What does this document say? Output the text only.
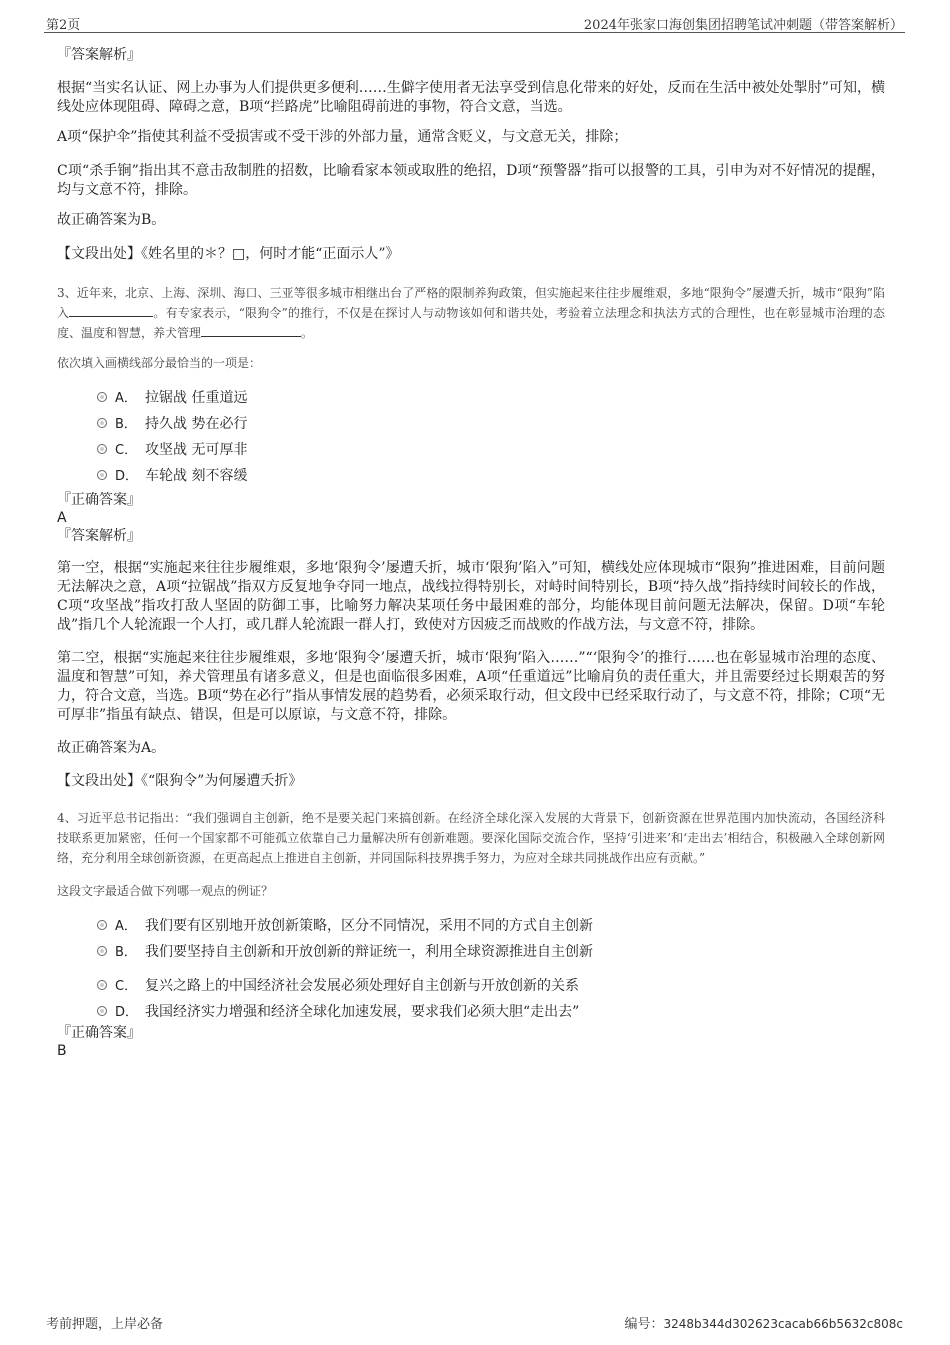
第2页	2024年张家口海创集团招聘笔试冲刺题（带答案解析）

『答案解析』

根据“当实名认证、网上办事为人们提供更多便利……生僻字使用者无法享受到信息化带来的好处，反而在生活中被处处掣肘”可知，横线处应体现阻碍、障碍之意，B项“拦路虎”比喻阻碍前进的事物，符合文意，当选。

A项“保护伞”指使其利益不受损害或不受干涉的外部力量，通常含贬义，与文意无关，排除；

C项“杀手锏”指出其不意击敌制胜的招数，比喻看家本领或取胜的绝招，D项“预警器”指可以报警的工具，引申为对不好情况的提醒，均与文意不符，排除。

故正确答案为B。

【文段出处】《姓名里的＊？□，何时才能“正面示人”》

3、近年来，北京、上海、深圳、海口、三亚等很多城市相继出台了严格的限制养狗政策，但实施起来往往步履维艰，多地“限狗令”屡遭夭折，城市“限狗”陷入	。有专家表示，“限狗令”的推行，不仅是在探讨人与动物该如何和谐共处，考验着立法理念和执法方式的合理性，也在彰显城市治理的态度、温度和智慧，养犬管理	。

依次填入画横线部分最恰当的一项是：

A． 拉锯战 任重道远
B． 持久战 势在必行
C． 攻坚战 无可厚非
D． 车轮战 刻不容缓

『正确答案』

A

『答案解析』

第一空，根据“实施起来往往步履维艰，多地‘限狗令’屡遭夭折，城市‘限狗’陷入”可知，横线处应体现城市“限狗”推进困难，目前问题无法解决之意，A项“拉锯战”指双方反复地争夺同一地点，战线拉得特别长，对峙时间特别长，B项“持久战”指持续时间较长的作战，C项“攻坚战”指攻打敌人坚固的防御工事，比喻努力解决某项任务中最困难的部分，均能体现目前问题无法解决，保留。D项“车轮战”指几个人轮流跟一个人打，或几群人轮流跟一群人打，致使对方因疲乏而战败的作战方法，与文意不符，排除。

第二空，根据“实施起来往往步履维艰，多地‘限狗令’屡遭夭折，城市‘限狗’陷入……”“‘限狗令’的推行……也在彰显城市治理的态度、温度和智慧”可知，养犬管理虽有诸多意义，但是也面临很多困难，A项“任重道远”比喻肩负的责任重大，并且需要经过长期艰苦的努力，符合文意，当选。B项“势在必行”指从事情发展的趋势看，必须采取行动，但文段中已经采取行动了，与文意不符，排除；C项“无可厚非”指虽有缺点、错误，但是可以原谅，与文意不符，排除。

故正确答案为A。

【文段出处】《“限狗令”为何屡遭夭折》

4、习近平总书记指出：“我们强调自主创新，绝不是要关起门来搞创新。在经济全球化深入发展的大背景下，创新资源在世界范围内加快流动，各国经济科技联系更加紧密，任何一个国家都不可能孤立依靠自己力量解决所有创新难题。要深化国际交流合作，坚持‘引进来’和‘走出去’相结合，积极融入全球创新网络，充分利用全球创新资源，在更高起点上推进自主创新，并同国际科技界携手努力，为应对全球共同挑战作出应有贡献。”

这段文字最适合做下列哪一观点的例证？

A． 我们要有区别地开放创新策略，区分不同情况，采用不同的方式自主创新
B． 我们要坚持自主创新和开放创新的辩证统一，利用全球资源推进自主创新
C． 复兴之路上的中国经济社会发展必须处理好自主创新与开放创新的关系
D． 我国经济实力增强和经济全球化加速发展，要求我们必须大胆“走出去”

『正确答案』

B

考前押题，上岸必备	编号：3248b344d302623cacab66b5632c808c
